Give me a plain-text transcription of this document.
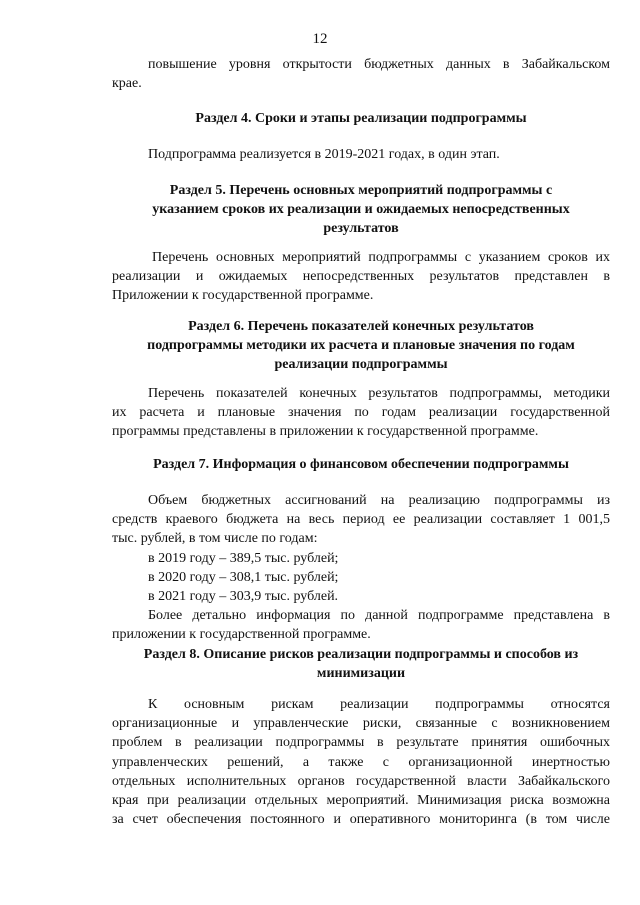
12
повышение уровня открытости бюджетных данных в Забайкальском
крае.
Раздел 4. Сроки и этапы реализации подпрограммы
Подпрограмма реализуется в 2019-2021 годах, в один этап.
Раздел 5. Перечень основных мероприятий подпрограммы с
указанием сроков их реализации и ожидаемых непосредственных
результатов
Перечень основных мероприятий подпрограммы с указанием сроков их
реализации и ожидаемых непосредственных результатов представлен в
Приложении к государственной программе.
Раздел 6. Перечень показателей конечных результатов
подпрограммы методики их расчета и плановые значения по годам
реализации подпрограммы
Перечень показателей конечных результатов подпрограммы, методики
их расчета и плановые значения по годам реализации государственной
программы представлены в приложении к государственной программе.
Раздел 7. Информация о финансовом обеспечении подпрограммы
Объем бюджетных ассигнований на реализацию подпрограммы из
средств краевого бюджета на весь период ее реализации составляет 1 001,5
тыс. рублей, в том числе по годам:
в 2019 году – 389,5 тыс. рублей;
в 2020 году – 308,1 тыс. рублей;
в 2021 году – 303,9 тыс. рублей.
Более детально информация по данной подпрограмме представлена в
приложении к государственной программе.
Раздел 8. Описание рисков реализации подпрограммы и способов из
минимизации
К основным рискам реализации подпрограммы относятся
организационные и управленческие риски, связанные с возникновением
проблем в реализации подпрограммы в результате принятия ошибочных
управленческих решений, а также с организационной инертностью
отдельных исполнительных органов государственной власти Забайкальского
края при реализации отдельных мероприятий. Минимизация риска возможна
за счет обеспечения постоянного и оперативного мониторинга (в том числе
